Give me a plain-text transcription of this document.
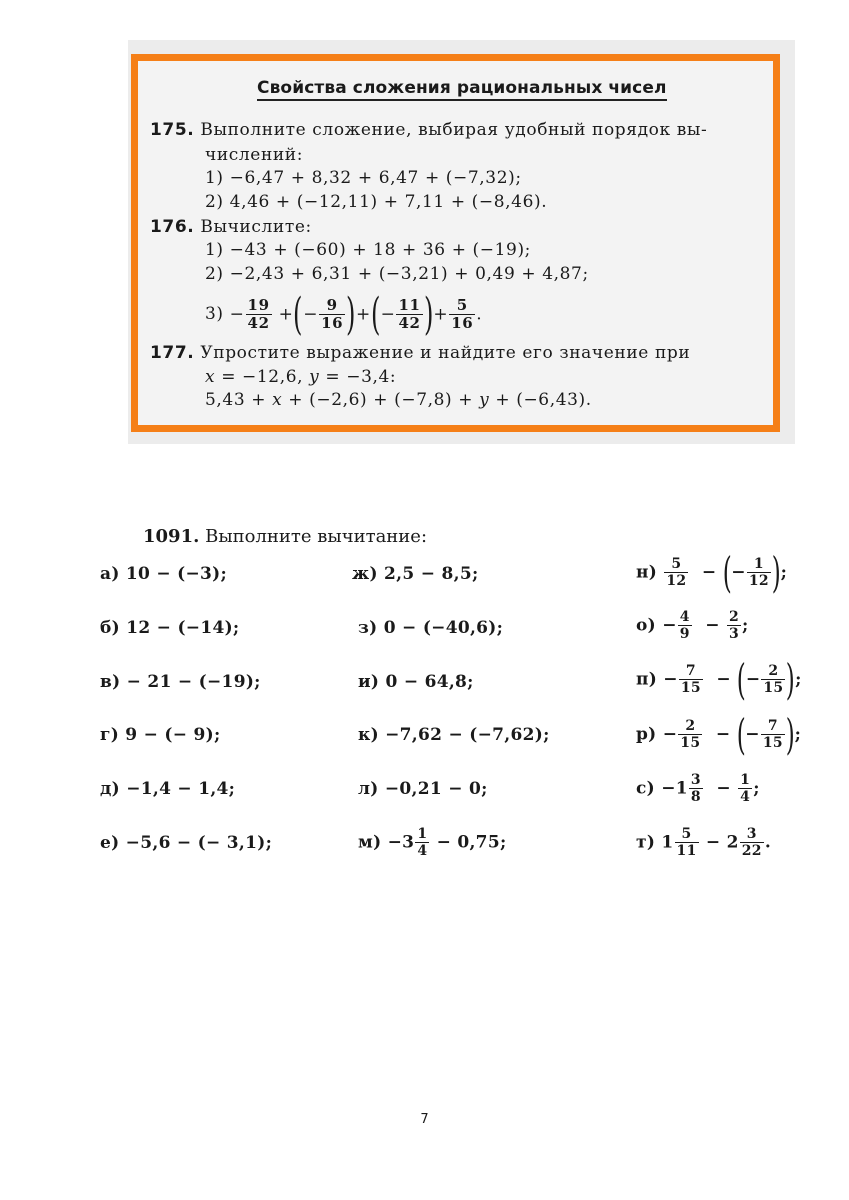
Свойства сложения рациональных чисел
175. Выполните сложение, выбирая удобный порядок вы-
числений:
1) −6,47 + 8,32 + 6,47 + (−7,32);
2) 4,46 + (−12,11) + 7,11 + (−8,46).
176. Вычислите:
1) −43 + (−60) + 18 + 36 + (−19);
2) −2,43 + 6,31 + (−3,21) + 0,49 + 4,87;
$3) - \frac{19}{42}$ +(− $\frac{9}{16}$ )+(− $\frac{11}{42}$ )+ $\frac{5}{16}$ .
177. Упростите выражение и найдите его значение при
x = −12,6, y = −3,4:
5,43 + x + (−2,6) + (−7,8) + y + (−6,43).
1091. Выполните вычитание:
а) 10 − (−3);
б) 12 − (−14);
в) − 21 − (−19);
г) 9 − (− 9);
д) −1,4 − 1,4;
е) −5,6 − (− 3,1);
ж) 2,5 − 8,5;
з) 0 − (−40,6);
и) 0 − 64,8;
к) −7,62 − (−7,62);
л) −0,21 − 0;
$м) -3 \frac{1}{4} - 0,75$;
$н) \frac{5}{12}$ − (− $\frac{1}{12}$ );
$о) - \frac{4}{9} - \frac{2}{3}$ ;
$п) - \frac{7}{15}$ − (− $\frac{2}{15}$ );
$р) - \frac{2}{15}$ − (− $\frac{7}{15}$ );
$с) -1 \frac{3}{8} - \frac{1}{4}$ ;
т) $1 \frac{5}{11} - 2 \frac{3}{22}$ .
7
